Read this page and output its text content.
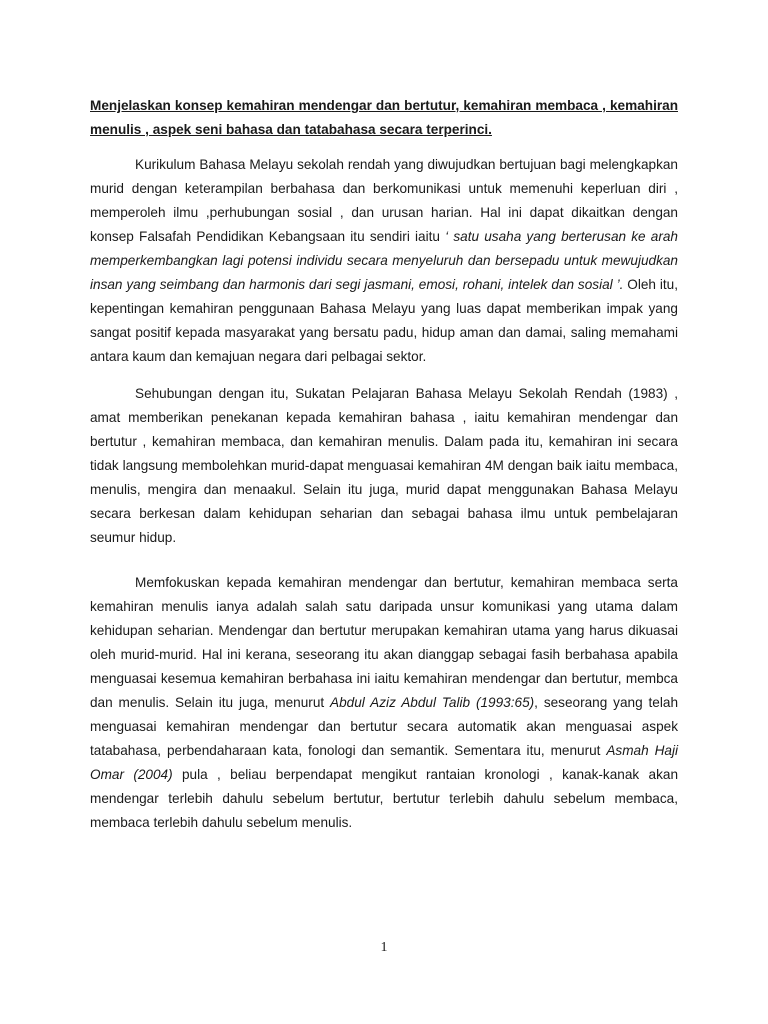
Menjelaskan konsep kemahiran mendengar dan bertutur, kemahiran membaca , kemahiran menulis , aspek seni bahasa dan tatabahasa secara terperinci.

Kurikulum Bahasa Melayu sekolah rendah yang diwujudkan bertujuan bagi melengkapkan murid dengan keterampilan berbahasa dan berkomunikasi untuk memenuhi keperluan diri , memperoleh ilmu ,perhubungan sosial , dan urusan harian. Hal ini dapat dikaitkan dengan konsep Falsafah Pendidikan Kebangsaan itu sendiri iaitu ‘ satu usaha yang berterusan ke arah memperkembangkan lagi potensi individu secara menyeluruh dan bersepadu untuk mewujudkan insan yang seimbang dan harmonis dari segi jasmani, emosi, rohani, intelek dan sosial ’. Oleh itu, kepentingan kemahiran penggunaan Bahasa Melayu yang luas dapat memberikan impak yang sangat positif kepada masyarakat yang bersatu padu, hidup aman dan damai, saling memahami antara kaum dan kemajuan negara dari pelbagai sektor.

Sehubungan dengan itu, Sukatan Pelajaran Bahasa Melayu Sekolah Rendah (1983) , amat memberikan penekanan kepada kemahiran bahasa , iaitu kemahiran mendengar dan bertutur , kemahiran membaca, dan kemahiran menulis. Dalam pada itu, kemahiran ini secara tidak langsung membolehkan murid-dapat menguasai kemahiran 4M dengan baik iaitu membaca, menulis, mengira dan menaakul. Selain itu juga, murid dapat menggunakan Bahasa Melayu secara berkesan dalam kehidupan seharian dan sebagai bahasa ilmu untuk pembelajaran seumur hidup.

Memfokuskan kepada kemahiran mendengar dan bertutur, kemahiran membaca serta kemahiran menulis ianya adalah salah satu daripada unsur komunikasi yang utama dalam kehidupan seharian. Mendengar dan bertutur merupakan kemahiran utama yang harus dikuasai oleh murid-murid. Hal ini kerana, seseorang itu akan dianggap sebagai fasih berbahasa apabila menguasai kesemua kemahiran berbahasa ini iaitu kemahiran mendengar dan bertutur, membca dan menulis. Selain itu juga, menurut Abdul Aziz Abdul Talib (1993:65), seseorang yang telah menguasai kemahiran mendengar dan bertutur secara automatik akan menguasai aspek tatabahasa, perbendaharaan kata, fonologi dan semantik. Sementara itu, menurut Asmah Haji Omar (2004) pula , beliau berpendapat mengikut rantaian kronologi , kanak-kanak akan mendengar terlebih dahulu sebelum bertutur, bertutur terlebih dahulu sebelum membaca, membaca terlebih dahulu sebelum menulis.

1
